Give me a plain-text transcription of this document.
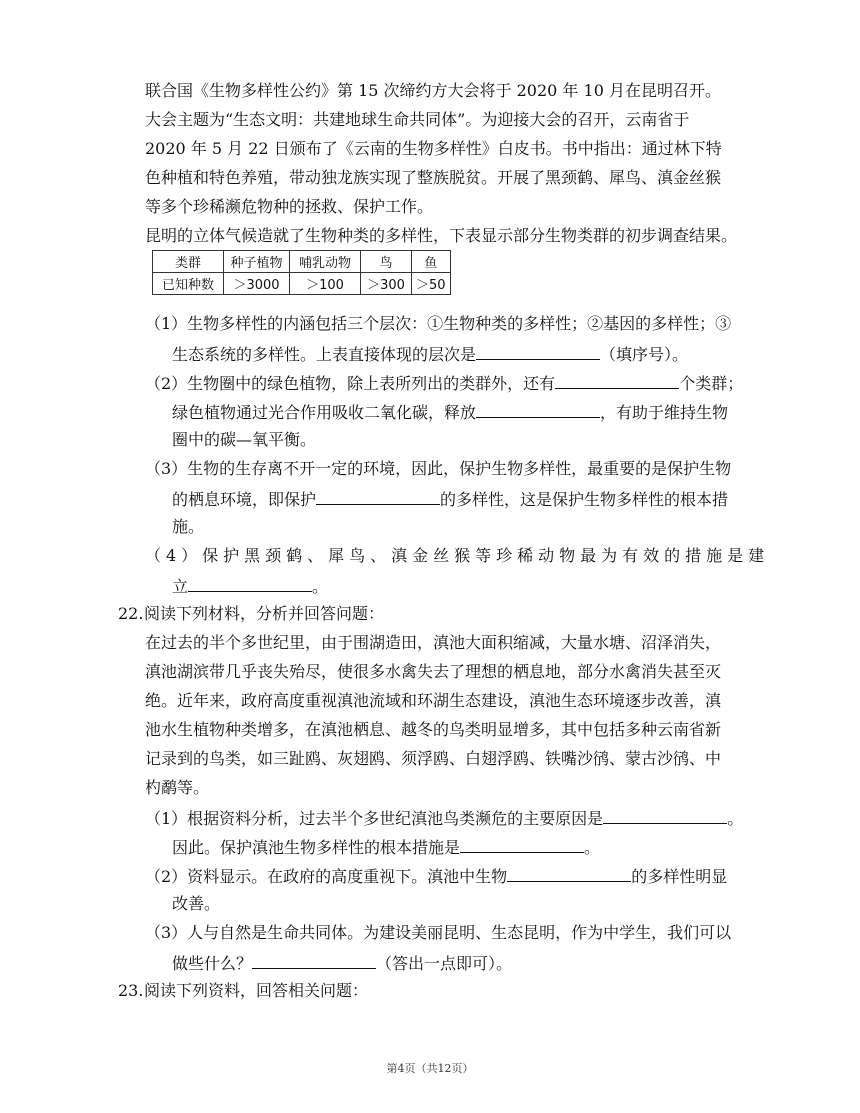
联合国《生物多样性公约》第 15 次缔约方大会将于 2020 年 10 月在昆明召开。
大会主题为“生态文明：共建地球生命共同体”。为迎接大会的召开，云南省于
2020 年 5 月 22 日颁布了《云南的生物多样性》白皮书。书中指出：通过林下特
色种植和特色养殖，带动独龙族实现了整族脱贫。开展了黑颈鹤、犀鸟、滇金丝猴
等多个珍稀濒危物种的拯救、保护工作。
昆明的立体气候造就了生物种类的多样性，下表显示部分生物类群的初步调查结果。
类群	种子植物	哺乳动物	鸟	鱼
已知种数	＞3000	＞100	＞300	＞50
（1）生物多样性的内涵包括三个层次：①生物种类的多样性；②基因的多样性；③
生态系统的多样性。上表直接体现的层次是	（填序号）。
（2）生物圈中的绿色植物，除上表所列出的类群外，还有	个类群；
绿色植物通过光合作用吸收二氧化碳，释放	，有助于维持生物
圈中的碳—氧平衡。
（3）生物的生存离不开一定的环境，因此，保护生物多样性，最重要的是保护生物
的栖息环境，即保护	的多样性，这是保护生物多样性的根本措
施。
（4）保护黑颈鹤、犀鸟、滇金丝猴等珍稀动物最为有效的措施是建
立	。
22.阅读下列材料，分析并回答问题：
在过去的半个多世纪里，由于围湖造田，滇池大面积缩减，大量水塘、沼泽消失，
滇池湖滨带几乎丧失殆尽，使很多水禽失去了理想的栖息地，部分水禽消失甚至灭
绝。近年来，政府高度重视滇池流域和环湖生态建设，滇池生态环境逐步改善，滇
池水生植物种类增多，在滇池栖息、越冬的鸟类明显增多，其中包括多种云南省新
记录到的鸟类，如三趾鸥、灰翅鸥、须浮鸥、白翅浮鸥、铁嘴沙鸻、蒙古沙鸻、中
杓鹬等。
（1）根据资料分析，过去半个多世纪滇池鸟类濒危的主要原因是	。
因此。保护滇池生物多样性的根本措施是	。
（2）资料显示。在政府的高度重视下。滇池中生物	的多样性明显
改善。
（3）人与自然是生命共同体。为建设美丽昆明、生态昆明，作为中学生，我们可以
做些什么？	（答出一点即可）。
23.阅读下列资料，回答相关问题：
第4页（共12页）
